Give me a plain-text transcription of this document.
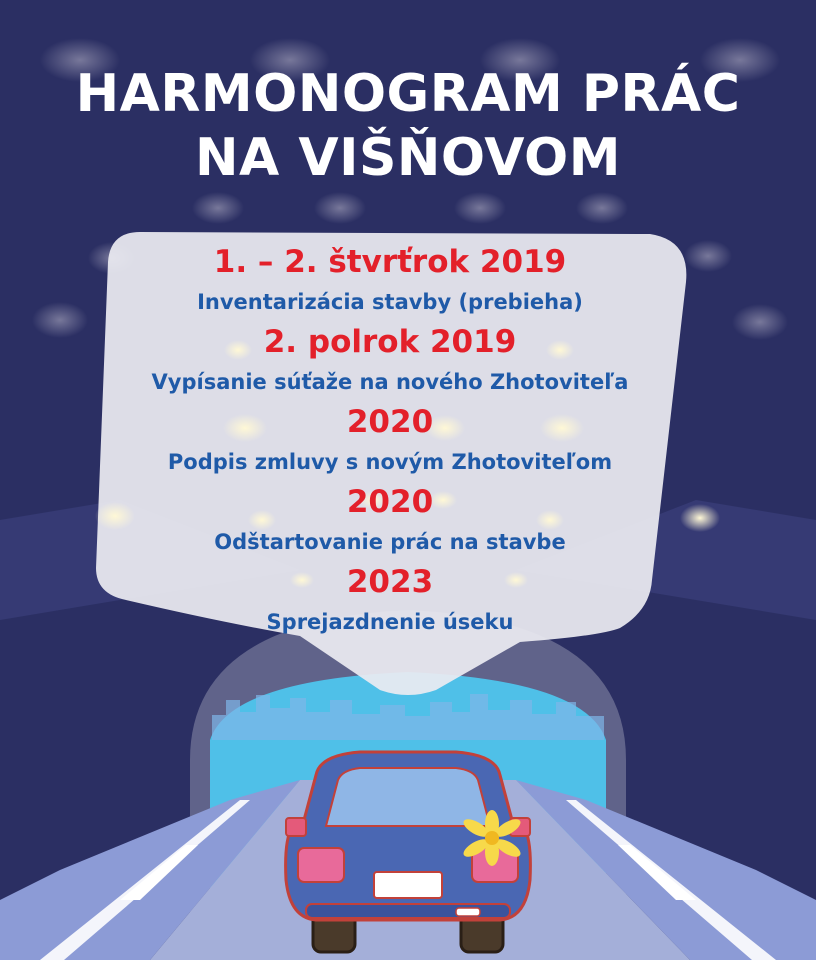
HARMONOGRAM PRÁC
NA VIŠŇOVOM
1. – 2. štvrťrok 2019
Inventarizácia stavby (prebieha)
2. polrok 2019
Vypísanie súťaže na nového Zhotoviteľa
2020
Podpis zmluvy s novým Zhotoviteľom
2020
Odštartovanie prác na stavbe
2023
Sprejazdnenie úseku
